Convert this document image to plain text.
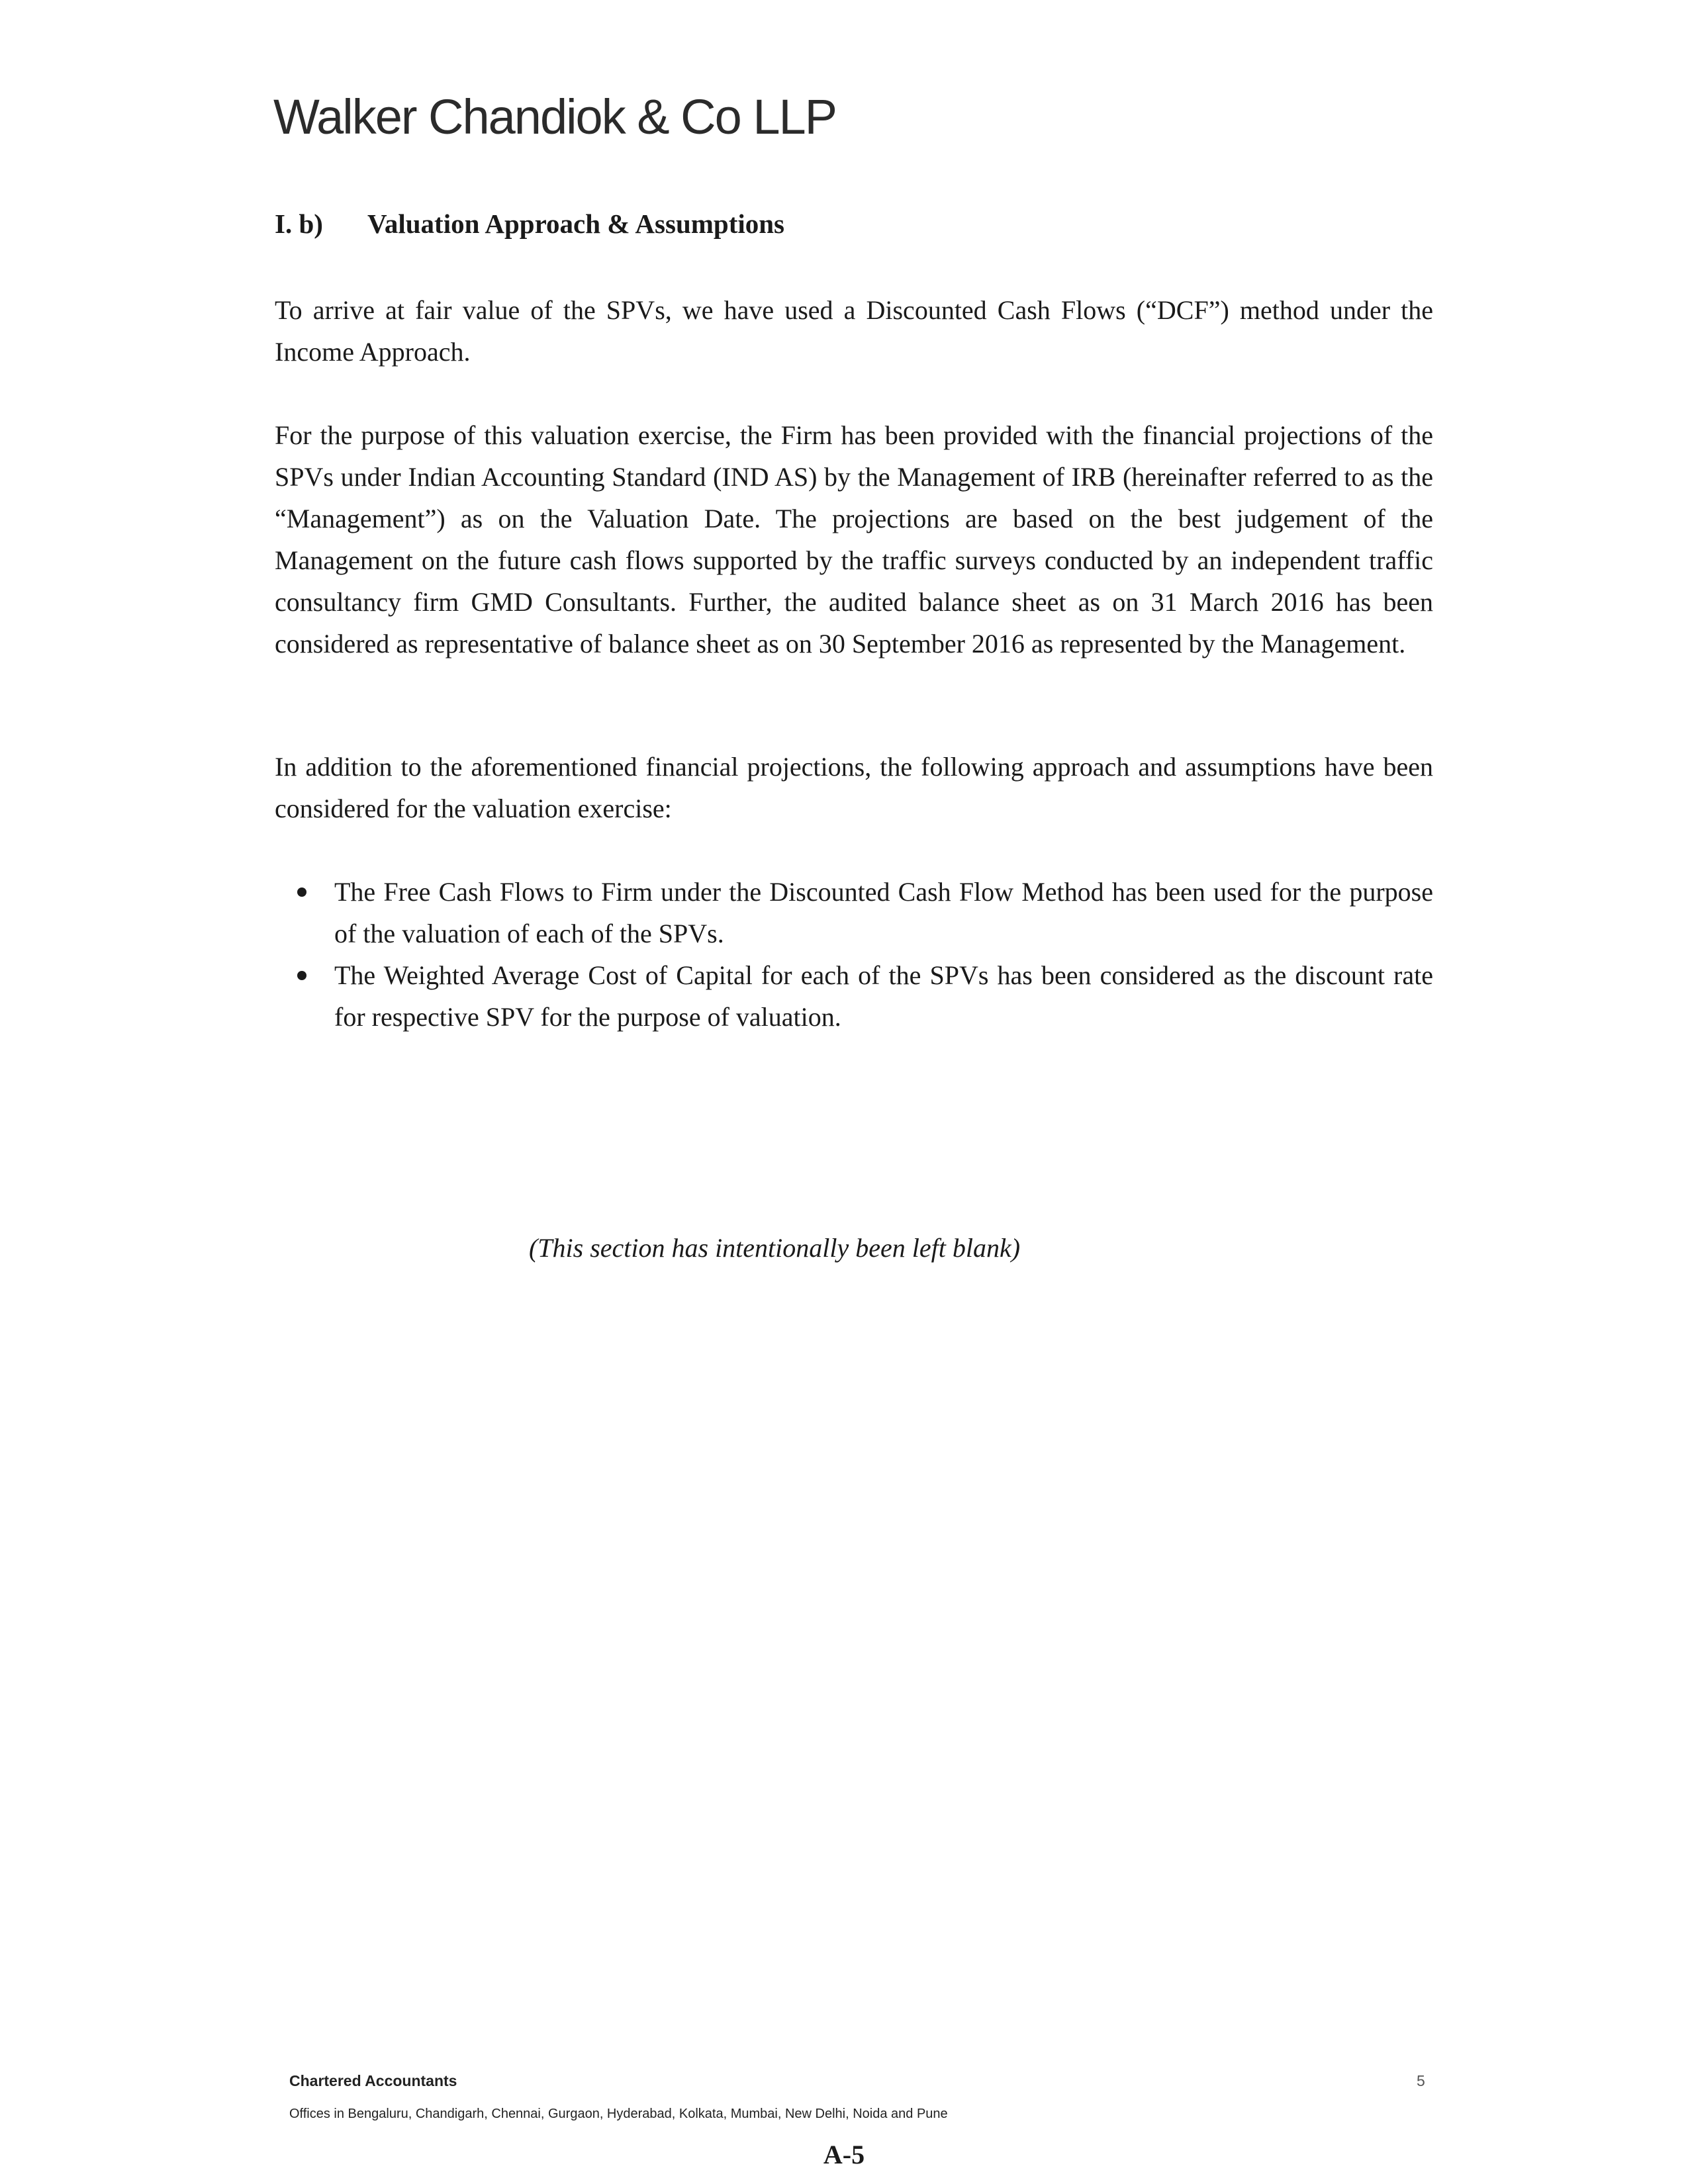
Walker Chandiok & Co LLP
I. b) Valuation Approach & Assumptions

To arrive at fair value of the SPVs, we have used a Discounted Cash Flows (“DCF”) method under the Income Approach.

For the purpose of this valuation exercise, the Firm has been provided with the financial projections of the SPVs under Indian Accounting Standard (IND AS) by the Management of IRB (hereinafter referred to as the “Management”) as on the Valuation Date. The projections are based on the best judgement of the Management on the future cash flows supported by the traffic surveys conducted by an independent traffic consultancy firm GMD Consultants. Further, the audited balance sheet as on 31 March 2016 has been considered as representative of balance sheet as on 30 September 2016 as represented by the Management.

In addition to the aforementioned financial projections, the following approach and assumptions have been considered for the valuation exercise:

The Free Cash Flows to Firm under the Discounted Cash Flow Method has been used for the purpose of the valuation of each of the SPVs.
The Weighted Average Cost of Capital for each of the SPVs has been considered as the discount rate for respective SPV for the purpose of valuation.
(This section has intentionally been left blank)
Chartered Accountants	5
Offices in Bengaluru, Chandigarh, Chennai, Gurgaon, Hyderabad, Kolkata, Mumbai, New Delhi, Noida and Pune
A-5
